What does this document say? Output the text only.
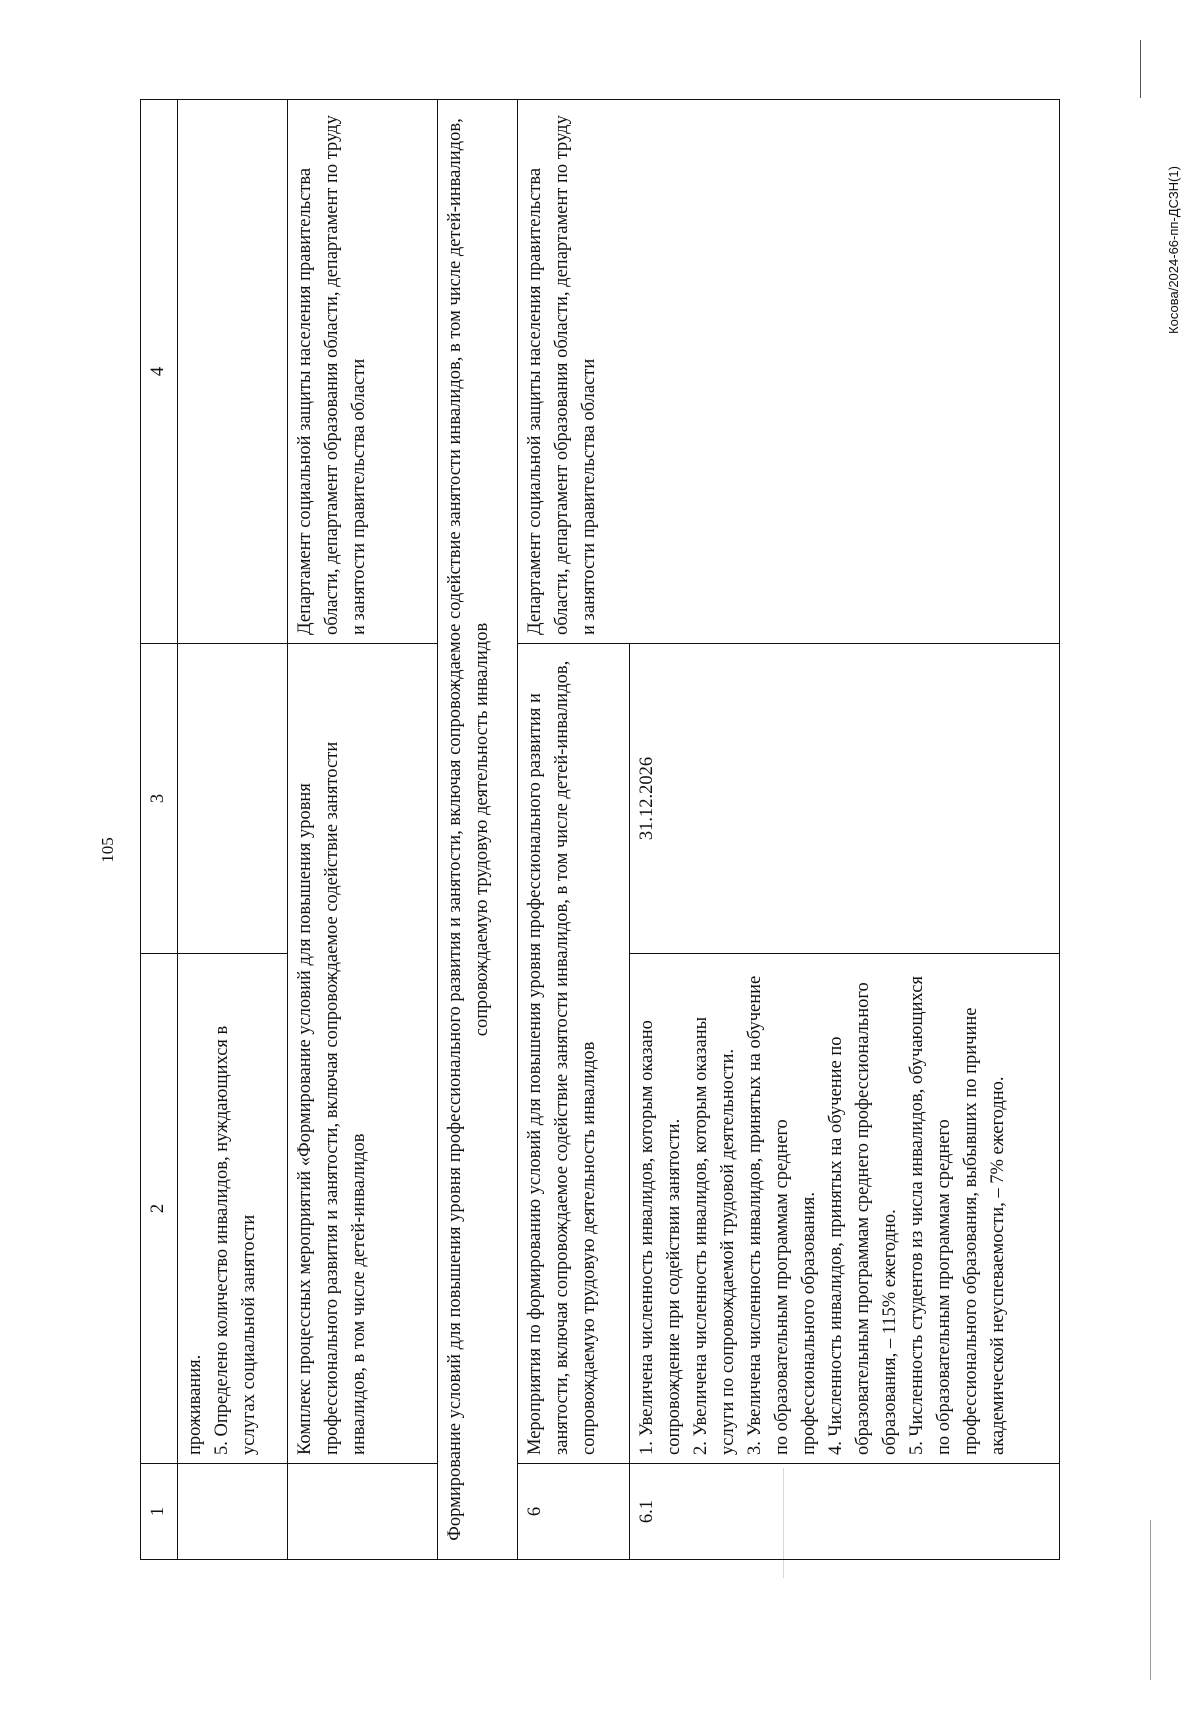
105
Косова/2024-66-пп-ДСЗН(1)
1	2	3	4

	проживания. 5. Определено количество инвалидов, нуждающихся в услугах социальной занятости		

	Комплекс процессных мероприятий «Формирование условий для повышения уровня профессионального развития и занятости, включая сопровождаемое содействие занятости инвалидов, в том числе детей-инвалидов		Департамент социальной защиты населения правительства области, департамент образования области, департамент по труду и занятости правительства области
Формирование условий для повышения уровня профессионального развития и занятости, включая сопровождаемое содействие занятости инвалидов, в том числе детей-инвалидов, сопровождаемую трудовую деятельность инвалидов			
6	Мероприятия по формированию условий для повышения уровня профессионального развития и занятости, включая сопровождаемое содействие занятости инвалидов, в том числе детей-инвалидов, сопровождаемую трудовую деятельность инвалидов		Департамент социальной защиты населения правительства области, департамент образования области, департамент по труду и занятости правительства области
6.1	1. Увеличена численность инвалидов, которым оказано сопровождение при содействии занятости. 2. Увеличена численность инвалидов, которым оказаны услуги по сопровождаемой трудовой деятельности. 3. Увеличена численность инвалидов, принятых на обучение по образовательным программам среднего профессионального образования. 4. Численность инвалидов, принятых на обучение по образовательным программам среднего профессионального образования, – 115% ежегодно. 5. Численность студентов из числа инвалидов, обучающихся по образовательным программам среднего профессионального образования, выбывших по причине академической неуспеваемости, – 7% ежегодно.	31.12.2026	
